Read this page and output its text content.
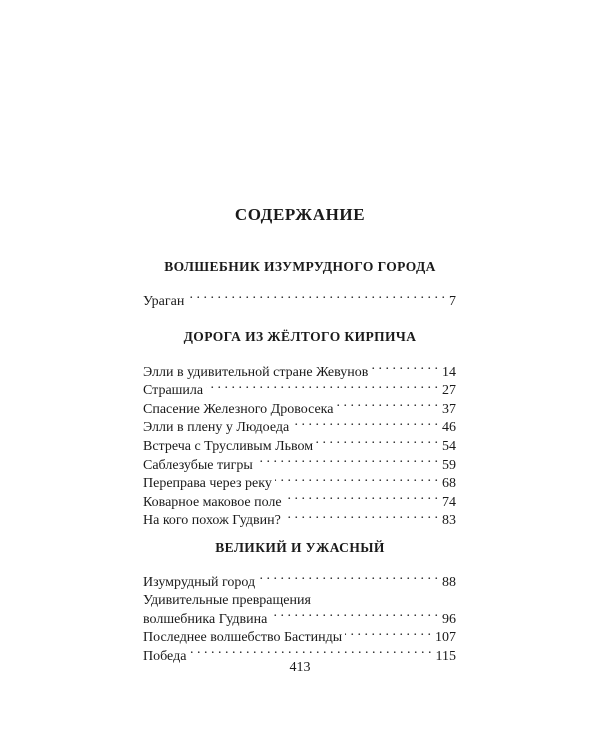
СОДЕРЖАНИЕ
ВОЛШЕБНИК ИЗУМРУДНОГО ГОРОДА
Ураган . . .	7
ДОРОГА ИЗ ЖЁЛТОГО КИРПИЧА
Элли в удивительной стране Жевунов . . .	14
Страшила . . .	27
Спасение Железного Дровосека . . .	37
Элли в плену у Людоеда . . .	46
Встреча с Трусливым Львом . . .	54
Саблезубые тигры . . .	59
Переправа через реку . . .	68
Коварное маковое поле . . .	74
На кого похож Гудвин? . . .	83
ВЕЛИКИЙ И УЖАСНЫЙ
Изумрудный город . . .	88
Удивительные превращения
волшебника Гудвина . . .	96
Последнее волшебство Бастинды . . .	107
Победа . . .	115
413
